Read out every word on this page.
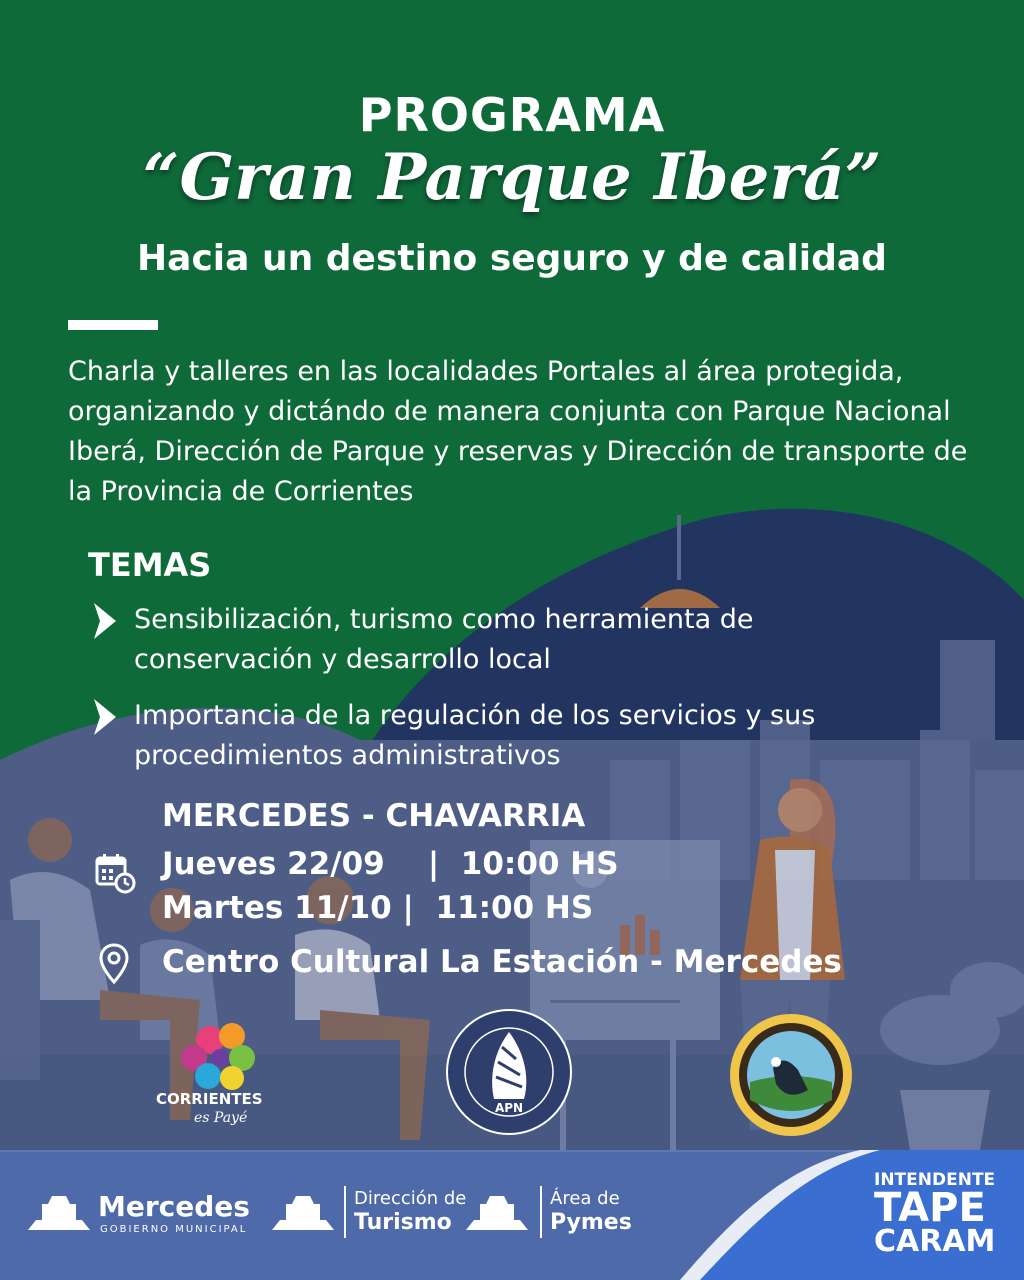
PROGRAMA
“Gran Parque Iberá”
Hacia un destino seguro y de calidad
Charla y talleres en las localidades Portales al área protegida, organizando y dictándo de manera conjunta con Parque Nacional Iberá, Dirección de Parque y reservas y Dirección de transporte de la Provincia de Corrientes
TEMAS
Sensibilización, turismo como herramienta de
conservación y desarrollo local
Importancia de la regulación de los servicios y sus
procedimientos administrativos
MERCEDES - CHAVARRIA
Jueves 22/09    |  10:00 HS
Martes 11/10 |  11:00 HS
Centro Cultural La Estación - Mercedes
CORRIENTES
es Payé
APN
Mercedes
GOBIERNO MUNICIPAL
Dirección de
Turismo
Área de
Pymes
INTENDENTE
TAPE
CARAM
